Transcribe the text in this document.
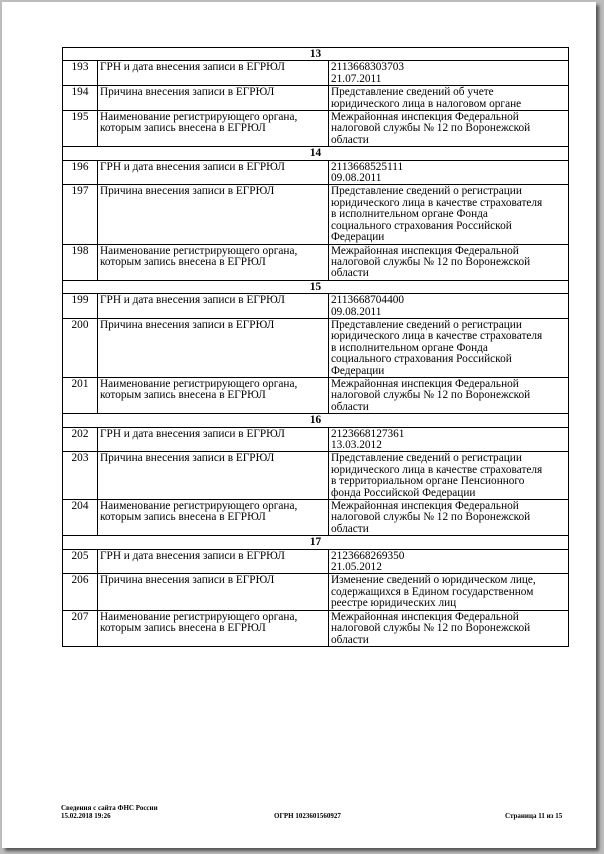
13		
193	ГРН и дата внесения записи в ЕГРЮЛ	2113668303703
21.07.2011

194	Причина внесения записи в ЕГРЮЛ	Представление сведений об учете
юридического лица в налоговом органе

195	Наименование регистрирующего органа, которым запись внесена в ЕГРЮЛ	Межрайонная инспекция Федеральной
налоговой службы № 12 по Воронежской
области

14		
196	ГРН и дата внесения записи в ЕГРЮЛ	2113668525111
09.08.2011

197	Причина внесения записи в ЕГРЮЛ	Представление сведений о регистрации
юридического лица в качестве страхователя
в исполнительном органе Фонда
социального страхования Российской
Федерации

198	Наименование регистрирующего органа, которым запись внесена в ЕГРЮЛ	Межрайонная инспекция Федеральной
налоговой службы № 12 по Воронежской
области

15		
199	ГРН и дата внесения записи в ЕГРЮЛ	2113668704400
09.08.2011

200	Причина внесения записи в ЕГРЮЛ	Представление сведений о регистрации
юридического лица в качестве страхователя
в исполнительном органе Фонда
социального страхования Российской
Федерации

201	Наименование регистрирующего органа, которым запись внесена в ЕГРЮЛ	Межрайонная инспекция Федеральной
налоговой службы № 12 по Воронежской
области

16		
202	ГРН и дата внесения записи в ЕГРЮЛ	2123668127361
13.03.2012

203	Причина внесения записи в ЕГРЮЛ	Представление сведений о регистрации
юридического лица в качестве страхователя
в территориальном органе Пенсионного
фонда Российской Федерации

204	Наименование регистрирующего органа, которым запись внесена в ЕГРЮЛ	Межрайонная инспекция Федеральной
налоговой службы № 12 по Воронежской
области

17		
205	ГРН и дата внесения записи в ЕГРЮЛ	2123668269350
21.05.2012

206	Причина внесения записи в ЕГРЮЛ	Изменение сведений о юридическом лице,
содержащихся в Едином государственном
реестре юридических лиц

207	Наименование регистрирующего органа, которым запись внесена в ЕГРЮЛ	Межрайонная инспекция Федеральной
налоговой службы № 12 по Воронежской
области
Сведения с сайта ФНС России
15.02.2018 19:26	ОГРН 1023601560927	Страница 11 из 15
